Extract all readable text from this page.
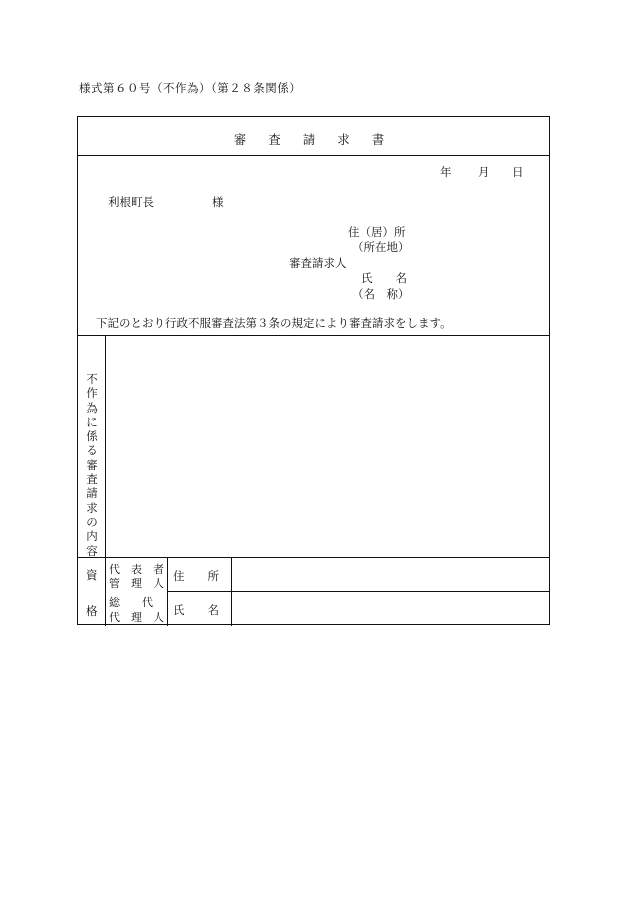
様式第６０号（不作為）（第２８条関係）
審 査 請 求 書
年 月 日
利根町長	様
住（居）所
（所在地）
審査請求人
氏　　名
（名　称）
下記のとおり行政不服審査法第３条の規定により審査請求をします。
不作為に係る審査請求の内容
資
格
代　表　者
管　理　人
総　　代
代　理　人
住　　所
氏　　名
